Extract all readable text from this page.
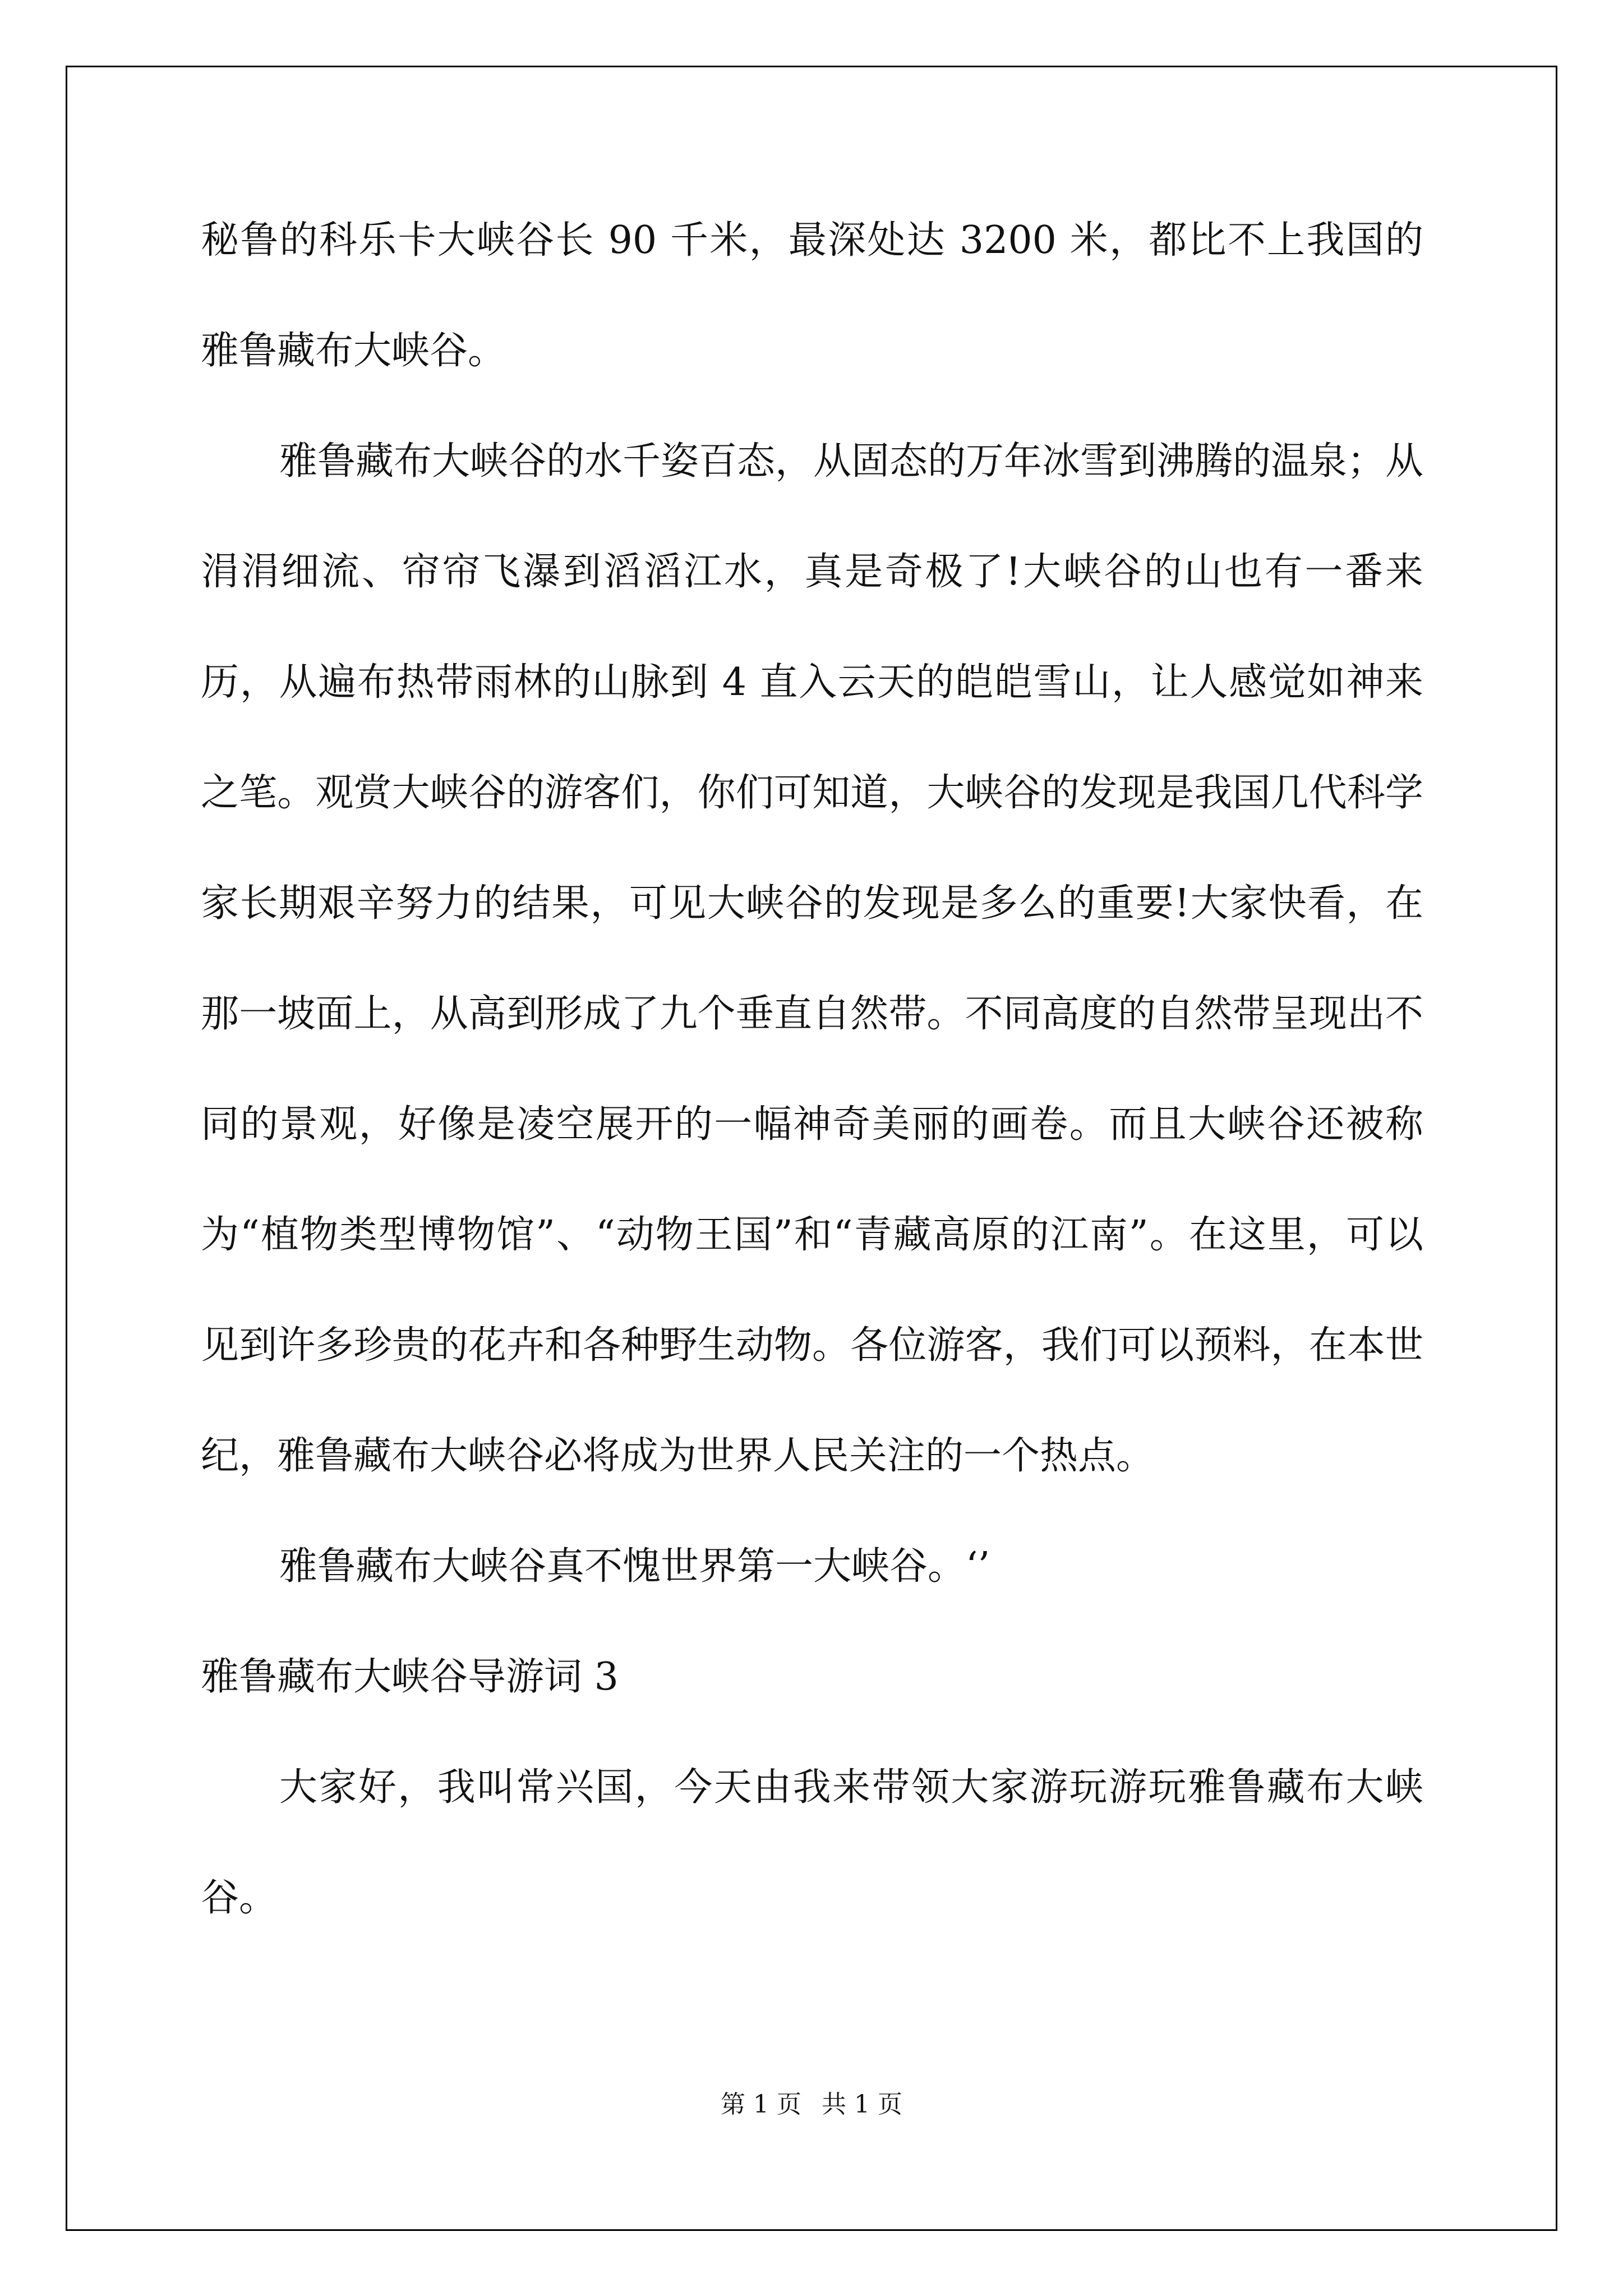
秘鲁的科乐卡大峡谷长 90 千米，最深处达 3200 米，都比不上我国的雅鲁藏布大峡谷。

雅鲁藏布大峡谷的水千姿百态，从固态的万年冰雪到沸腾的温泉；从涓涓细流、帘帘飞瀑到滔滔江水，真是奇极了!大峡谷的山也有一番来历，从遍布热带雨林的山脉到 4 直入云天的皑皑雪山，让人感觉如神来之笔。观赏大峡谷的游客们，你们可知道，大峡谷的发现是我国几代科学家长期艰辛努力的结果，可见大峡谷的发现是多么的重要!大家快看，在那一坡面上，从高到形成了九个垂直自然带。不同高度的自然带呈现出不同的景观，好像是凌空展开的一幅神奇美丽的画卷。而且大峡谷还被称为“植物类型博物馆”、“动物王国”和“青藏高原的江南”。在这里，可以见到许多珍贵的花卉和各种野生动物。各位游客，我们可以预料，在本世纪，雅鲁藏布大峡谷必将成为世界人民关注的一个热点。

雅鲁藏布大峡谷真不愧世界第一大峡谷。‘’

雅鲁藏布大峡谷导游词 3

大家好，我叫常兴国，今天由我来带领大家游玩游玩雅鲁藏布大峡谷。

第 1 页 共 1 页
